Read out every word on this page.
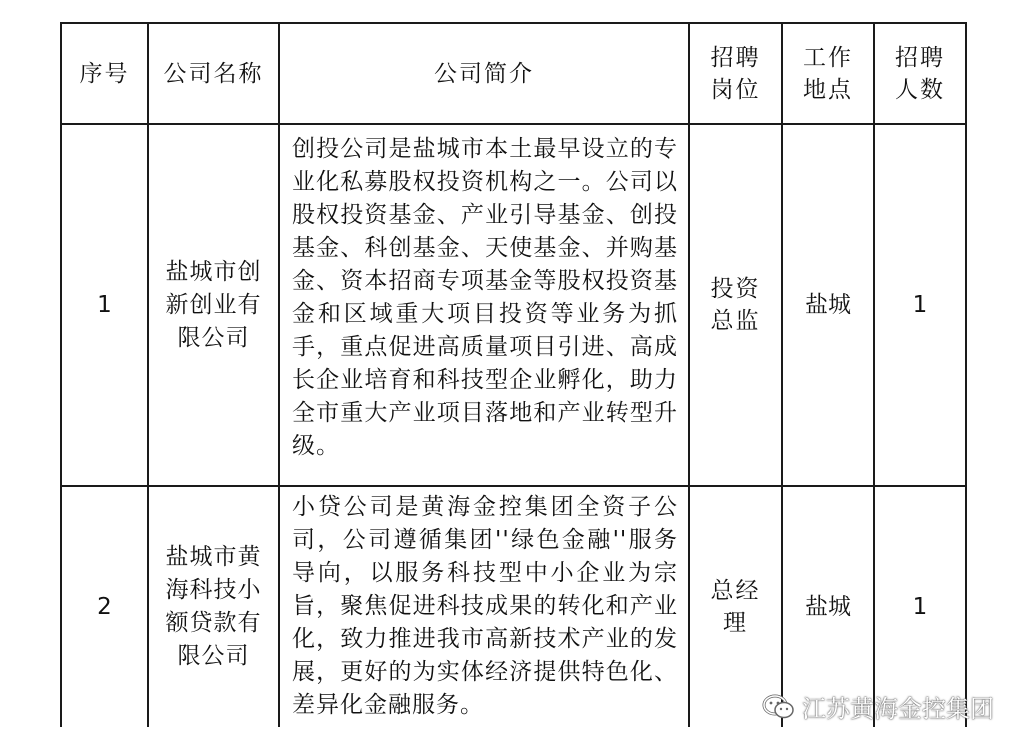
序号	公司名称	公司简介	招聘岗位	工作地点	招聘人数
1	盐城市创新创业有限公司	创投公司是盐城市本土最早设立的专业化私募股权投资机构之一。公司以股权投资基金、产业引导基金、创投基金、科创基金、天使基金、并购基金、资本招商专项基金等股权投资基金和区域重大项目投资等业务为抓手，重点促进高质量项目引进、高成长企业培育和科技型企业孵化，助力全市重大产业项目落地和产业转型升级。	投资总监	盐城	1
2	盐城市黄海科技小额贷款有限公司	小贷公司是黄海金控集团全资子公司，公司遵循集团''绿色金融''服务导向，以服务科技型中小企业为宗旨，聚焦促进科技成果的转化和产业化，致力推进我市高新技术产业的发展，更好的为实体经济提供特色化、差异化金融服务。	总经理	盐城	1
江苏黄海金控集团
